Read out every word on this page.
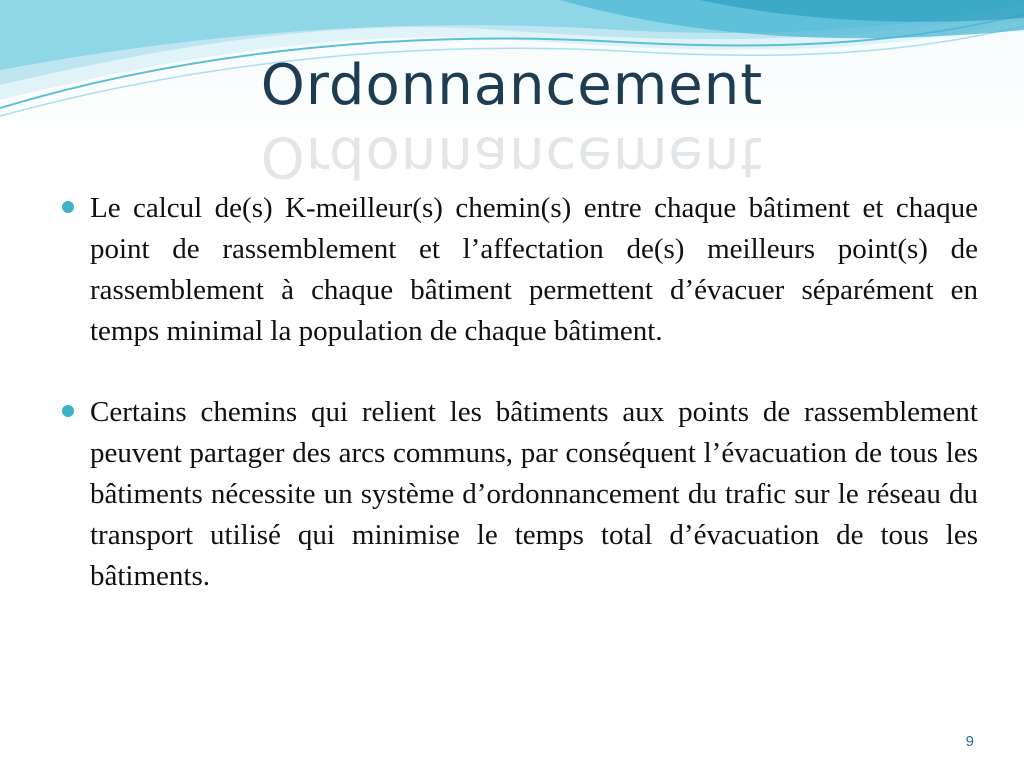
Ordonnancement
Ordonnancement
Le calcul de(s) K-meilleur(s) chemin(s) entre chaque bâtiment et chaque point de rassemblement et l’affectation de(s) meilleurs point(s) de rassemblement à chaque bâtiment permettent d’évacuer séparément en temps minimal la population de chaque bâtiment.
Certains chemins qui relient les bâtiments aux points de rassemblement peuvent partager des arcs communs, par conséquent l’évacuation de tous les bâtiments nécessite un système d’ordonnancement du trafic sur le réseau du transport utilisé qui minimise le temps total d’évacuation de tous les bâtiments.
9
